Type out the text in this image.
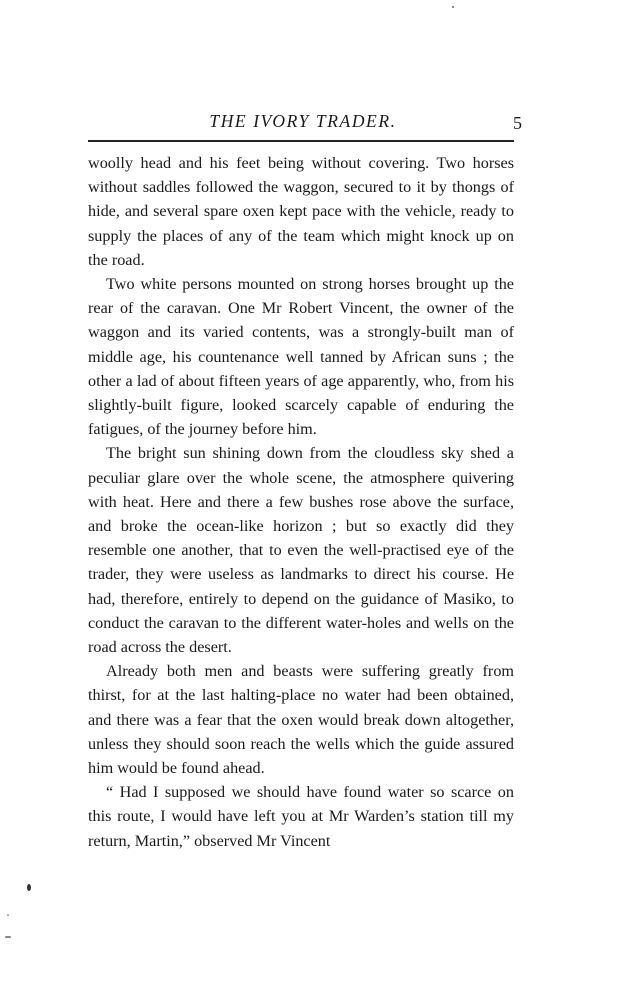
THE IVORY TRADER.	5

woolly head and his feet being without covering. Two horses without saddles followed the waggon, secured to it by thongs of hide, and several spare oxen kept pace with the vehicle, ready to supply the places of any of the team which might knock up on the road.

Two white persons mounted on strong horses brought up the rear of the caravan. One Mr Robert Vincent, the owner of the waggon and its varied contents, was a strongly-built man of middle age, his countenance well tanned by African suns ; the other a lad of about fifteen years of age apparently, who, from his slightly-built figure, looked scarcely capable of enduring the fatigues, of the journey before him.

The bright sun shining down from the cloudless sky shed a peculiar glare over the whole scene, the atmosphere quivering with heat. Here and there a few bushes rose above the surface, and broke the ocean-like horizon ; but so exactly did they resemble one another, that to even the well-practised eye of the trader, they were useless as landmarks to direct his course. He had, therefore, entirely to depend on the guidance of Masiko, to conduct the caravan to the different water-holes and wells on the road across the desert.

Already both men and beasts were suffering greatly from thirst, for at the last halting-place no water had been obtained, and there was a fear that the oxen would break down altogether, unless they should soon reach the wells which the guide assured him would be found ahead.

“ Had I supposed we should have found water so scarce on this route, I would have left you at Mr Warden’s station till my return, Martin,” observed Mr Vincent
